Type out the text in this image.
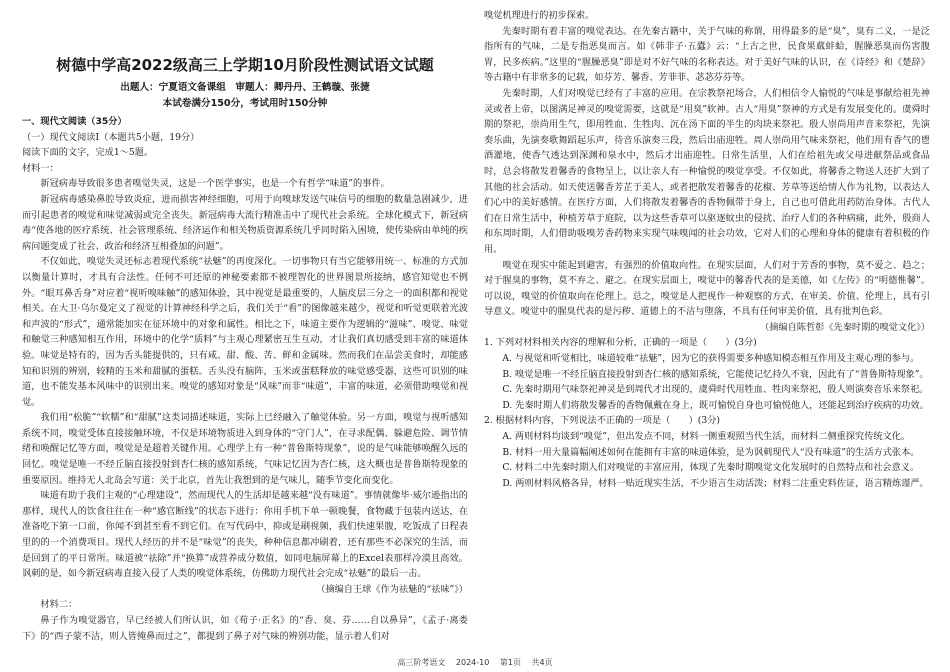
树德中学高2022级高三上学期10月阶段性测试语文试题
出题人：宁夏语文备课组　审题人：卿丹丹、王鹤璇、张捷
本试卷满分150分，考试用时150分钟
一、现代文阅读（35分）

（一）现代文阅读Ⅰ（本题共5小题，19分）

阅读下面的文字，完成1～5题。

材料一：

新冠病毒导致很多患者嗅觉失灵，这是一个医学事实，也是一个有哲学“味道”的事件。

新冠病毒感染鼻腔导致炎症，进而损害神经细胞，可用于向嗅球发送气味信号的细胞的数量急剧减少，进而引起患者的嗅觉和味觉减弱或完全丧失。新冠病毒大流行精准击中了现代社会系统。全球化模式下，新冠病毒“使各地的医疗系统、社会管理系统、经济运作和相关物质资源系统几乎同时陷入困境，使传染病由单纯的疾病问题变成了社会、政治和经济互相叠加的问题”。

不仅如此，嗅觉失灵还标志着现代系统“祛魅”的再度深化。一切事物只有当它能够用统一、标准的方式加以衡量计算时，才具有合法性。任何不可还原的神秘要素都不被理智化的世界图景所接纳，感官知觉也不例外。“眼耳鼻舌身”对应着“视听嗅味触”的感知体验，其中视觉是最重要的，人脑皮层三分之一的面积都和视觉相关。在大卫·乌尔曼定义了视觉的计算神经科学之后，我们关于“看”的图像越来越少，视觉和听觉更联着光波和声波的“形式”，通常能加实在征环境中的对象和属性。相比之下，味道主要作为逻辑的“滋味”、嗅觉、味觉和触觉三种感知相互作用，环境中的化学“质料”与主观心理紧密互生互动，才让我们真切感受到丰富的味道体验。味觉是特有的，因为舌头能提供的，只有咸、甜、酸、苦、鲜和金属味。然而我们在品尝美食时，却能感知和识别的辨别，较精的玉米和甜腻的蛋糕。舌头没有脑阵，玉米或蛋糕释放的味觉感受器，这些可识别的味道，也不能发基本风味中的识别出来。嗅觉的感知对象是“风味”而非“味道”，丰富的味道，必须借助嗅觉和视觉。

我们用“松脆”“软糯”和“甜腻”这类词描述味道，实际上已经融入了触觉体验。另一方面，嗅觉与视听感知系统不同，嗅觉受体直接接触环境，不仅是环境物质进入到身体的“守门人”，在寻求配偶、躲避危险、调节情绪和唤醒记忆等方面，嗅觉是是超着关键作用。心理学上有一种“普鲁斯特现象”，说的是气味能够唤醒久远的回忆。嗅觉是唯一不经丘脑直接投射到杏仁核的感知系统，气味记忆因为杏仁核，这大概也是普鲁斯特现象的重要原因。维持无人北岛会写道：关于北京，首先让我想到的是气味儿，随季节变化而变化。

味道有助于我们主观的“心理建设”，然而现代人的生活却是越来越“没有味道”。事情就像毕·威尔逊指出的那样，现代人的饮食往往在一种“感官断线”的状态下进行：你用手机下单一顿晚餐，食物藏于包装内送达，在准备吃下第一口前，你闻不到甚至看不到它们。在写代码中，抑或是刷视频，我们快速果腹，吃饭成了日程表里的的一个消费项目。现代人经历的并不是“味觉”的丧失，种种信息都冲刷着，还有那些不必深究的生活，而是回到了的平日常所。味道被“祛除”并“换算”成营养成分数值，如同电脑屏幕上的Excel表那样冷漠且高效。讽刺的是，如今新冠病毒直接入侵了人类的嗅觉体系统，仿佛助力现代社会完成“祛魅”的最后一击。

（摘编自王球《作为祛魅的“祛味”》）

材料二：

鼻子作为嗅觉器官，早已经被人们所认识，如《荀子·正名》的“香、臭、芬……自以鼻异”，《孟子·离娄下》的“西子蒙不洁，则人皆掩鼻而过之”，都提到了鼻子对气味的辨别功能，显示着人们对

嗅觉机理进行的初步探索。

先秦时期有着丰富的嗅觉表达。在先秦古籍中，关于气味的称谓，用得最多的是“臭”，臭有二义，一是泛指所有的气味，二是专指恶臭而言。如《韩非子·五蠹》云：“上古之世，民食果蓏蚌蛤，腥臊恶臭而伤害腹胃，民多疾病。”这里的“腥臊恶臭”即是对不好气味的名称表达。对于美好气味的认识，在《诗经》和《楚辞》等古籍中有非常多的记载，如芬芳、馨香、芳菲菲、苾苾芬芬等。

先秦时期，人们对嗅觉已经有了丰富的应用。在宗教祭祀场合，人们相信令人愉悦的气味是事献给祖先神灵或者上帝，以图满足神灵的嗅觉需要，这就是“用臭”软神。古人“用臭”祭神的方式是有发展变化的。虞舜时期的祭祀，崇尚用生气，即用牲血、生牲肉、沉在汤下面的半生的肉块来祭祀。殷人崇尚用声音来祭祀，先演奏乐曲，先演奏歌舞蹈起乐声，待音乐演奏三段，然后出庙迎牲。周人崇尚用气味来祭祀，他们用有香气的鬯酒灌地，使香气透达到深渊和泉水中，然后才出庙迎牲。日常生活里，人们在给祖先或父母进献祭品或食品时，总会将散发着馨香的食物呈上，以让亲人有一种愉悦的嗅觉享受。不仅如此，将馨香之物送人还扩大到了其他的社会活动。如天使送馨香芳芷于美人，或者把散发着馨香的花椒、芳草等送给情人作为礼物，以表达人们心中的美好感情。在医疗方面，人们将散发着馨香的香物佩带于身上，自己也可借此用药防治身体。古代人们在日常生活中，种植芳草于庭院，以为这些香草可以驱逐蚊虫的侵扰、治疗人们的各种病痛，此外，殷商人和东周时期，人们借助吸嗅芳香药物来实现气味嗅闻的社会功效，它对人们的心理和身体的健康有着积极的作用。

嗅觉在现实中能起到避害，有强烈的价值取向性。在现实层面，人们对于芳香的事物，莫不爱之、趋之；对于腥臭的事物，莫不弃之、避之。在现实层面上，嗅觉中的馨香代表的是美德，如《左传》的“明德惟馨”。可以说，嗅觉的价值取向在伦理上。总之，嗅觉是人把视作一种观察的方式，在审美、价值、伦理上，具有引导意义。嗅觉中的腥臭代表的是污秽、道德上的不洁与堕落，不具有任何审美价值，具有批判色彩。

（摘编自陈哲彰《先秦时期的嗅觉文化》）

1. 下列对材料相关内容的理解和分析，正确的一项是（　　）(3分)

A. 与视觉和听觉相比，味道较难“祛魅”，因为它的获得需要多种感知模态相互作用及主观心理的参与。

B. 嗅觉是唯一不经丘脑直接投射到杏仁核的感知系统，它能使记忆持久不衰，因此有了“普鲁斯特现象”。

C. 先秦时期用气味祭祀神灵是到周代才出现的，虞舜时代用牲血、牲肉来祭祀，殷人则演奏音乐来祭祀。

D. 先秦时期人们将散发馨香的香物佩戴在身上，既可愉悦自身也可愉悦他人，还能起到治疗疾病的功效。

2. 根据材料内容，下列说法不正确的一项是（　　）(3分)

A. 两则材料均谈到“嗅觉”，但出发点不同，材料一侧重观照当代生活，而材料二侧重探究传统文化。

B. 材料一用大量篇幅阐述如何在能拥有丰富的味道体验，是为讽刺现代人“没有味道”的生活方式张本。

C. 材料二中先秦时期人们对嗅觉的丰富应用，体现了先秦时期嗅觉文化发展时的自然特点和社会意义。

D. 两则材料风格各异，材料一贴近现实生活，不少语言生动活泼；材料二注重史料佐证，语言精炼谨严。

高三阶考语文 2024-10 第1页 共4页
